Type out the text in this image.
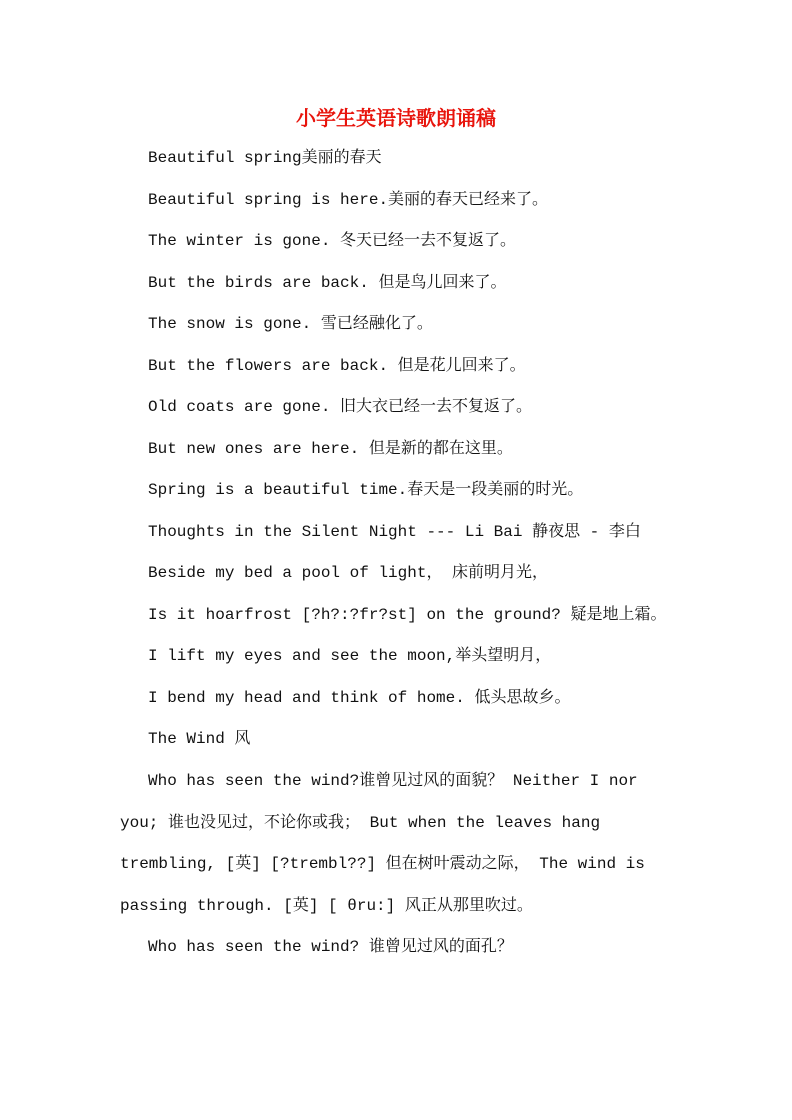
小学生英语诗歌朗诵稿
Beautiful spring美丽的春天
Beautiful spring is here.美丽的春天已经来了。
The winter is gone. 冬天已经一去不复返了。
But the birds are back. 但是鸟儿回来了。
The snow is gone. 雪已经融化了。
But the flowers are back. 但是花儿回来了。
Old coats are gone. 旧大衣已经一去不复返了。
But new ones are here. 但是新的都在这里。
Spring is a beautiful time.春天是一段美丽的时光。
Thoughts in the Silent Night --- Li Bai 静夜思 - 李白
Beside my bed a pool of light， 床前明月光，
Is it hoarfrost [?h?:?fr?st] on the ground? 疑是地上霜。
I lift my eyes and see the moon,举头望明月，
I bend my head and think of home. 低头思故乡。
The Wind 风
Who has seen the wind?谁曾见过风的面貌？ Neither I nor
you; 谁也没见过，不论你或我； But when the leaves hang
trembling, [英] [?trembl??] 但在树叶震动之际， The wind is
passing through. [英] [ θru:] 风正从那里吹过。
Who has seen the wind? 谁曾见过风的面孔？
